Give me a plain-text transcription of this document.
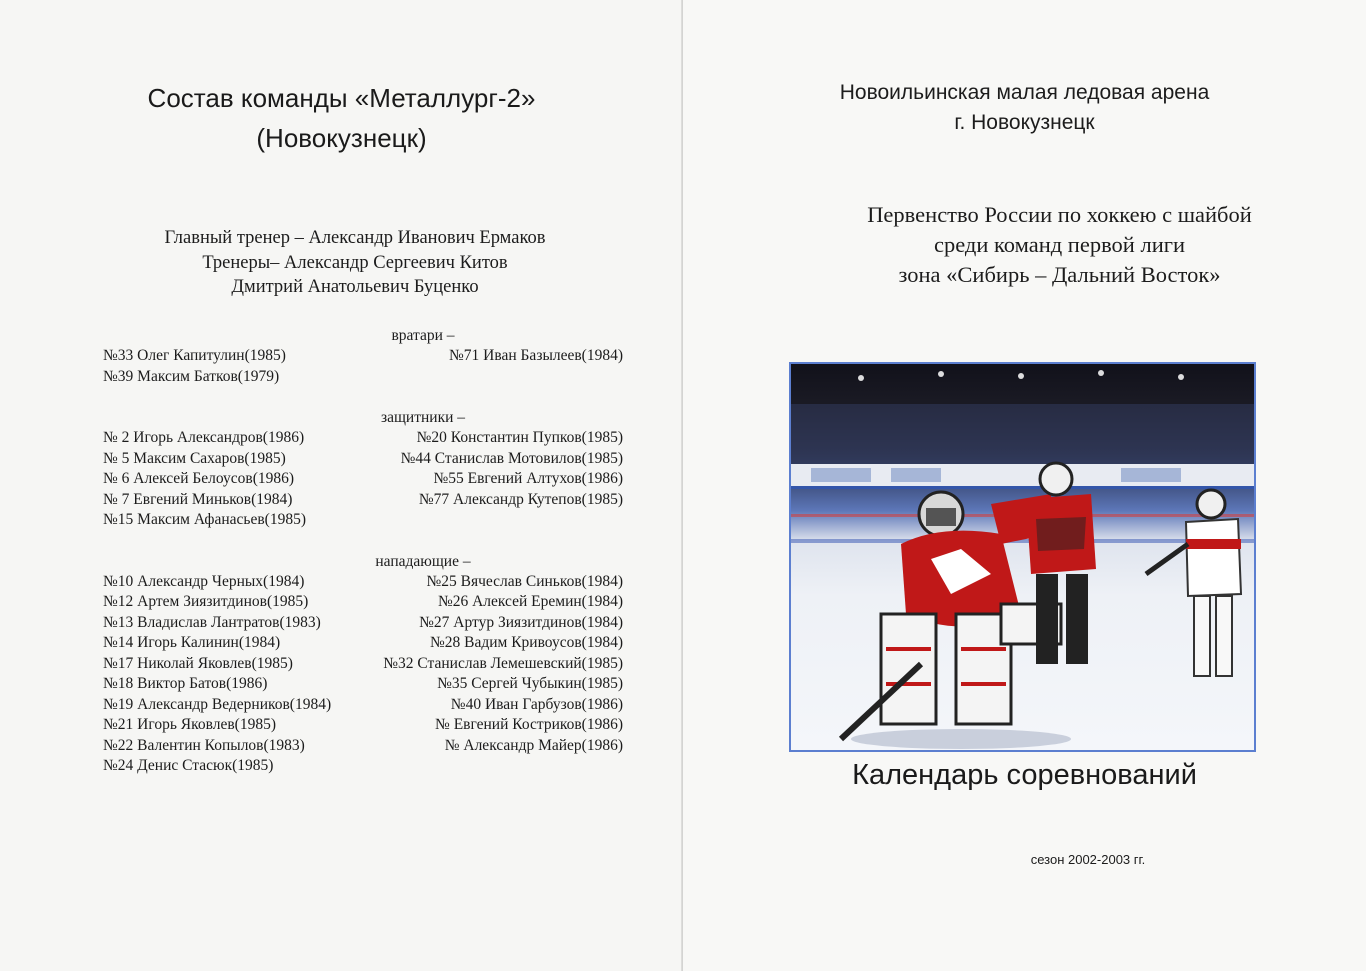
Состав команды «Металлург-2»
(Новокузнецк)
Главный тренер – Александр Иванович Ермаков
Тренеры– Александр Сергеевич Китов
Дмитрий Анатольевич Буценко
вратари –
№33 Олег Капитулин(1985)	№71 Иван Базылеев(1984)
№39 Максим Батков(1979)
защитники –
№ 2 Игорь Александров(1986)	№20 Константин Пупков(1985)
№ 5 Максим Сахаров(1985)	№44 Станислав Мотовилов(1985)
№ 6 Алексей Белоусов(1986)	№55 Евгений Алтухов(1986)
№ 7 Евгений Миньков(1984)	№77 Александр Кутепов(1985)
№15 Максим Афанасьев(1985)
нападающие –
№10 Александр Черных(1984)	№25 Вячеслав Синьков(1984)
№12 Артем Зиязитдинов(1985)	№26 Алексей Еремин(1984)
№13 Владислав Лантратов(1983)	№27 Артур Зиязитдинов(1984)
№14 Игорь Калинин(1984)	№28 Вадим Кривоусов(1984)
№17 Николай Яковлев(1985)	№32 Станислав Лемешевский(1985)
№18 Виктор Батов(1986)	№35 Сергей Чубыкин(1985)
№19 Александр Ведерников(1984)	№40 Иван Гарбузов(1986)
№21 Игорь Яковлев(1985)	№ Евгений Костриков(1986)
№22 Валентин Копылов(1983)	№ Александр Майер(1986)
№24 Денис Стасюк(1985)
Новоильинская малая ледовая арена
г. Новокузнецк
Первенство России по хоккею с шайбой
среди команд первой лиги
зона «Сибирь – Дальний Восток»
Календарь соревнований
сезон 2002-2003 гг.
